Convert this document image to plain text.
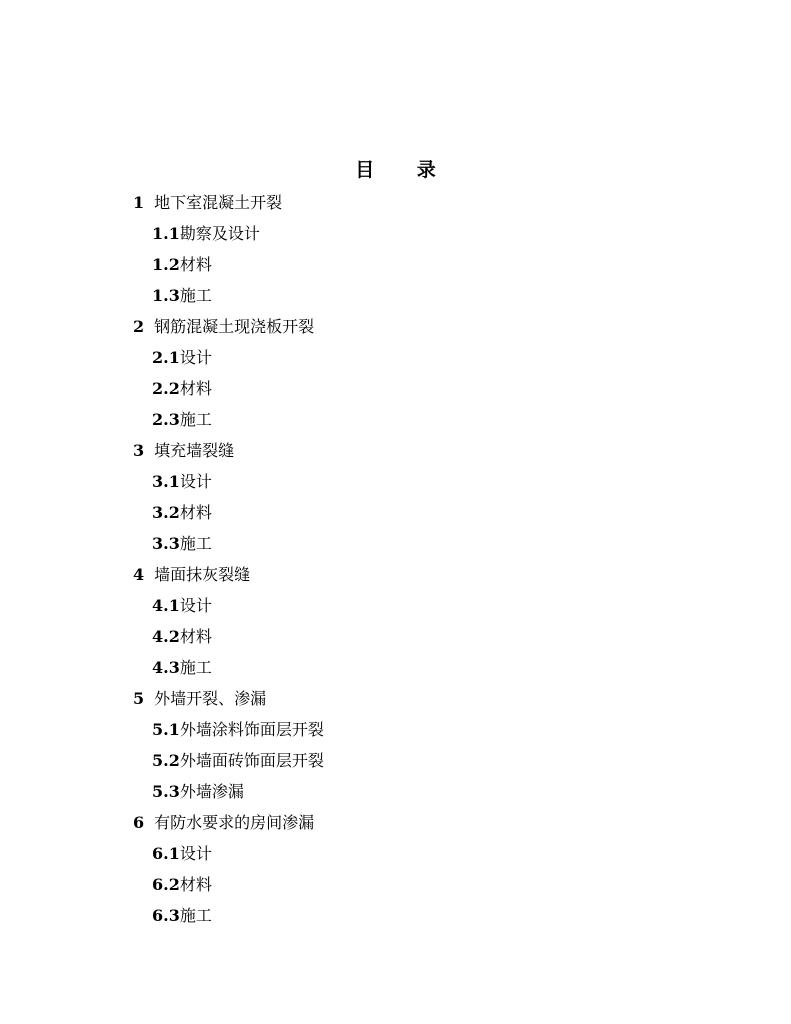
目 录
1 地下室混凝土开裂
1.1勘察及设计
1.2材料
1.3施工
2 钢筋混凝土现浇板开裂
2.1设计
2.2材料
2.3施工
3 填充墙裂缝
3.1设计
3.2材料
3.3施工
4 墙面抹灰裂缝
4.1设计
4.2材料
4.3施工
5 外墙开裂、渗漏
5.1外墙涂料饰面层开裂
5.2外墙面砖饰面层开裂
5.3外墙渗漏
6 有防水要求的房间渗漏
6.1设计
6.2材料
6.3施工
